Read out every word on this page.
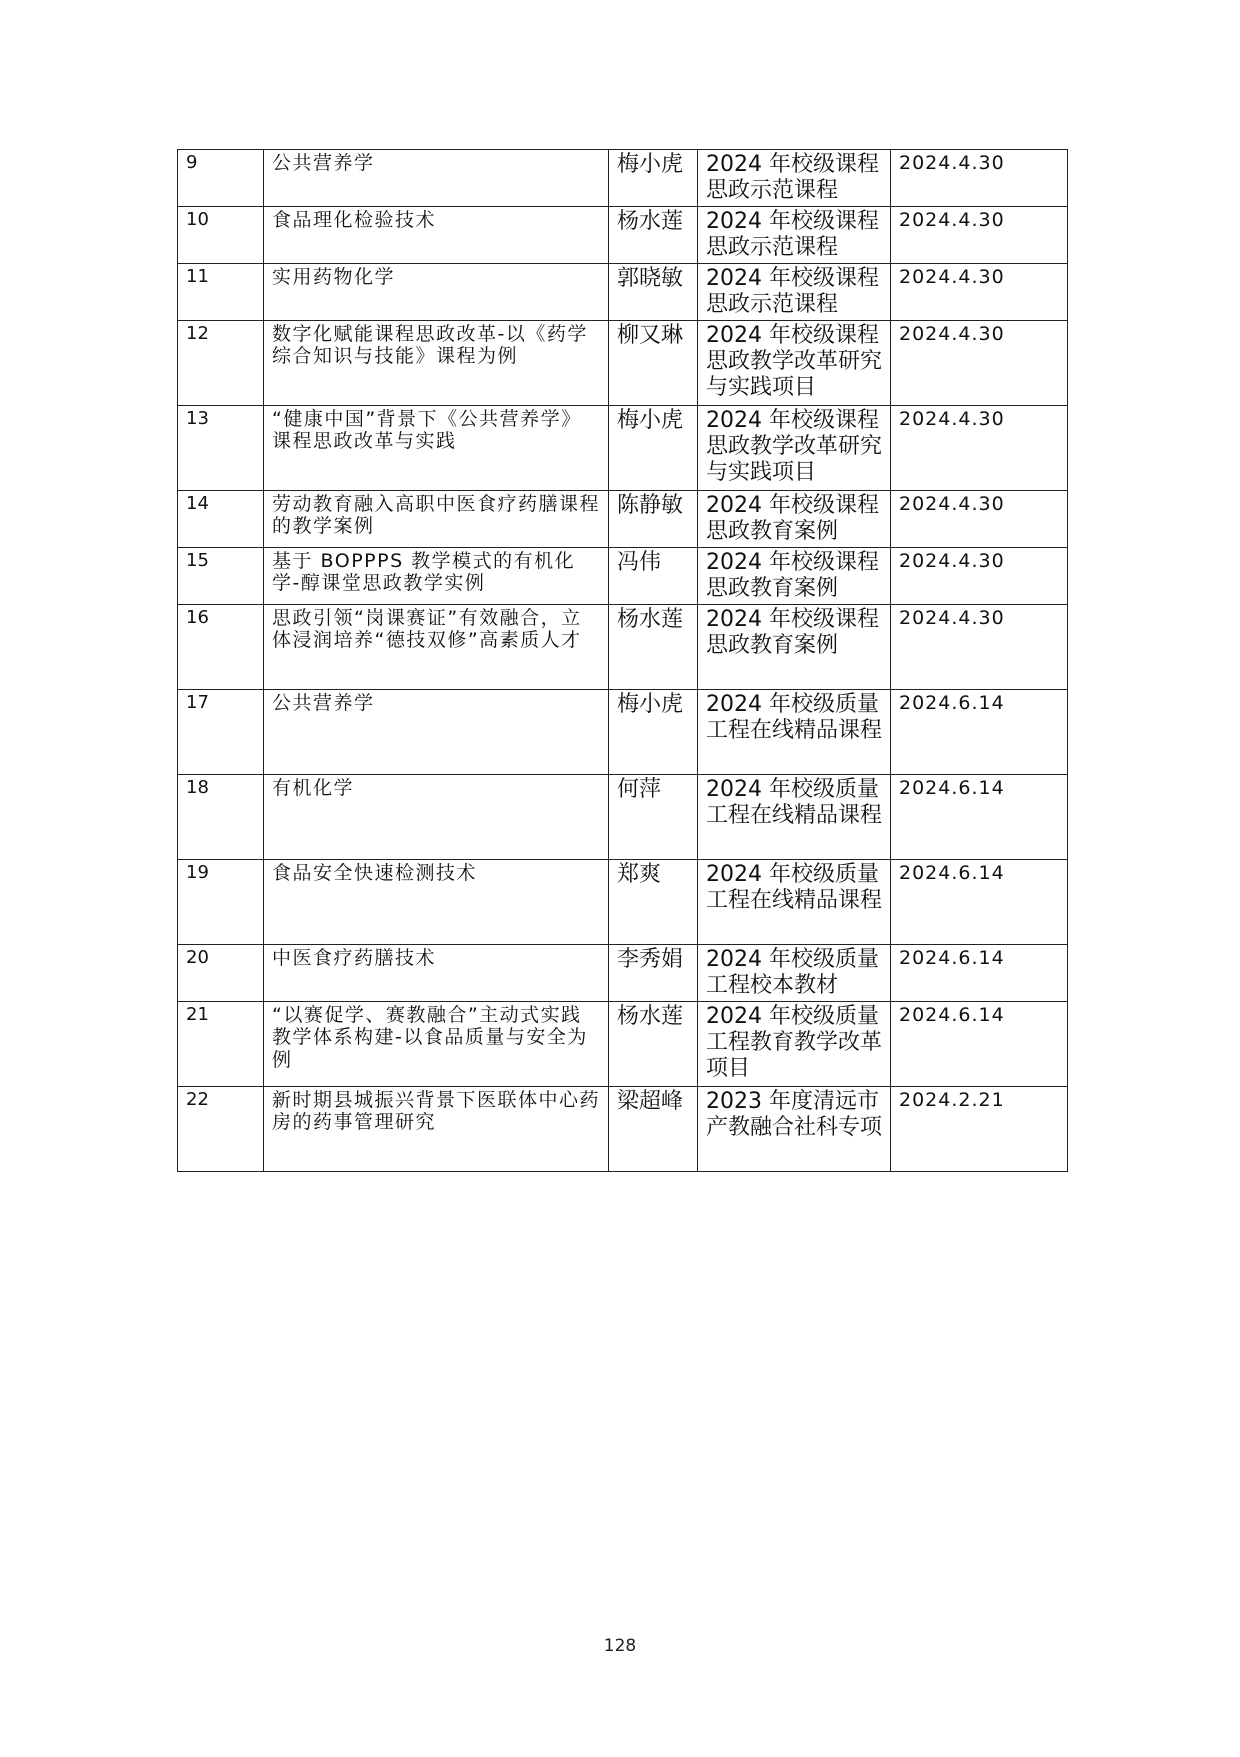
9	公共营养学	梅小虎	2024 年校级课程思政示范课程	2024.4.30
10	食品理化检验技术	杨水莲	2024 年校级课程思政示范课程	2024.4.30
11	实用药物化学	郭晓敏	2024 年校级课程思政示范课程	2024.4.30
12	数字化赋能课程思政改革-以《药学综合知识与技能》课程为例	柳又琳	2024 年校级课程思政教学改革研究与实践项目	2024.4.30
13	“健康中国”背景下《公共营养学》课程思政改革与实践	梅小虎	2024 年校级课程思政教学改革研究与实践项目	2024.4.30
14	劳动教育融入高职中医食疗药膳课程的教学案例	陈静敏	2024 年校级课程思政教育案例	2024.4.30
15	基于 BOPPPS 教学模式的有机化学-醇课堂思政教学实例	冯伟	2024 年校级课程思政教育案例	2024.4.30
16	思政引领“岗课赛证”有效融合，立体浸润培养“德技双修”高素质人才	杨水莲	2024 年校级课程思政教育案例	2024.4.30
17	公共营养学	梅小虎	2024 年校级质量工程在线精品课程	2024.6.14
18	有机化学	何萍	2024 年校级质量工程在线精品课程	2024.6.14
19	食品安全快速检测技术	郑爽	2024 年校级质量工程在线精品课程	2024.6.14
20	中医食疗药膳技术	李秀娟	2024 年校级质量工程校本教材	2024.6.14
21	“以赛促学、赛教融合”主动式实践教学体系构建-以食品质量与安全为例	杨水莲	2024 年校级质量工程教育教学改革项目	2024.6.14
22	新时期县城振兴背景下医联体中心药房的药事管理研究	梁超峰	2023 年度清远市产教融合社科专项	2024.2.21
128
